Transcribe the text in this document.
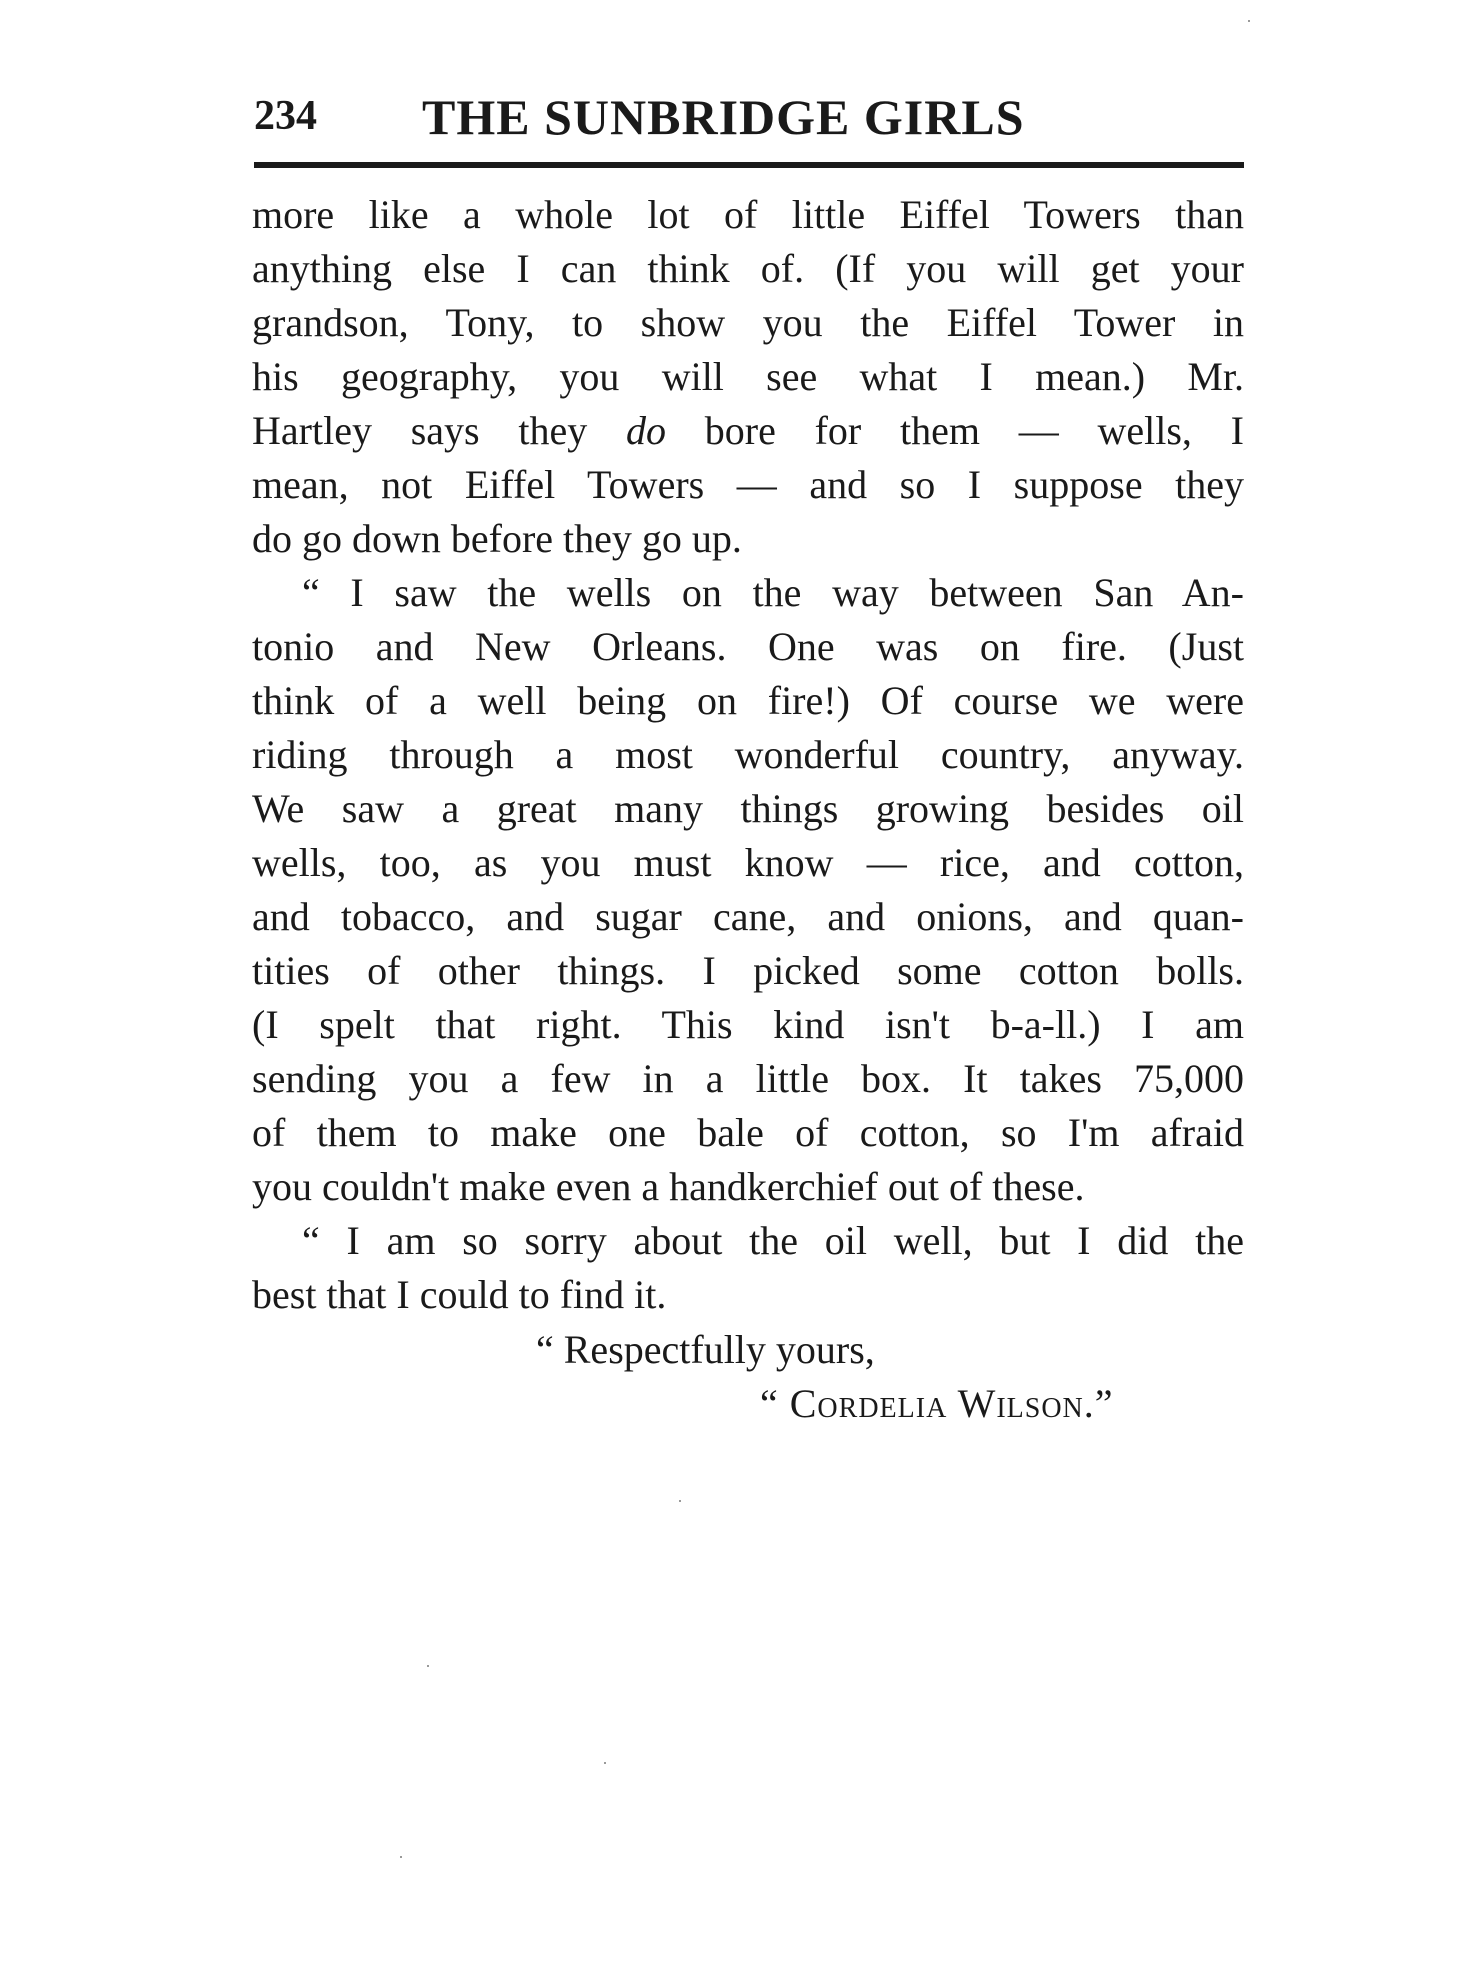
234 THE SUNBRIDGE GIRLS
more like a whole lot of little Eiffel Towers than
anything else I can think of. (If you will get your
grandson, Tony, to show you the Eiffel Tower in
his geography, you will see what I mean.) Mr.
Hartley says they do bore for them — wells, I
mean, not Eiffel Towers — and so I suppose they
do go down before they go up.
“ I saw the wells on the way between San An-
tonio and New Orleans. One was on fire. (Just
think of a well being on fire!) Of course we were
riding through a most wonderful country, anyway.
We saw a great many things growing besides oil
wells, too, as you must know — rice, and cotton,
and tobacco, and sugar cane, and onions, and quan-
tities of other things. I picked some cotton bolls.
(I spelt that right. This kind isn't b-a-ll.) I am
sending you a few in a little box. It takes 75,000
of them to make one bale of cotton, so I'm afraid
you couldn't make even a handkerchief out of these.
“ I am so sorry about the oil well, but I did the
best that I could to find it.
“ Respectfully yours,
“ Cordelia Wilson.”
